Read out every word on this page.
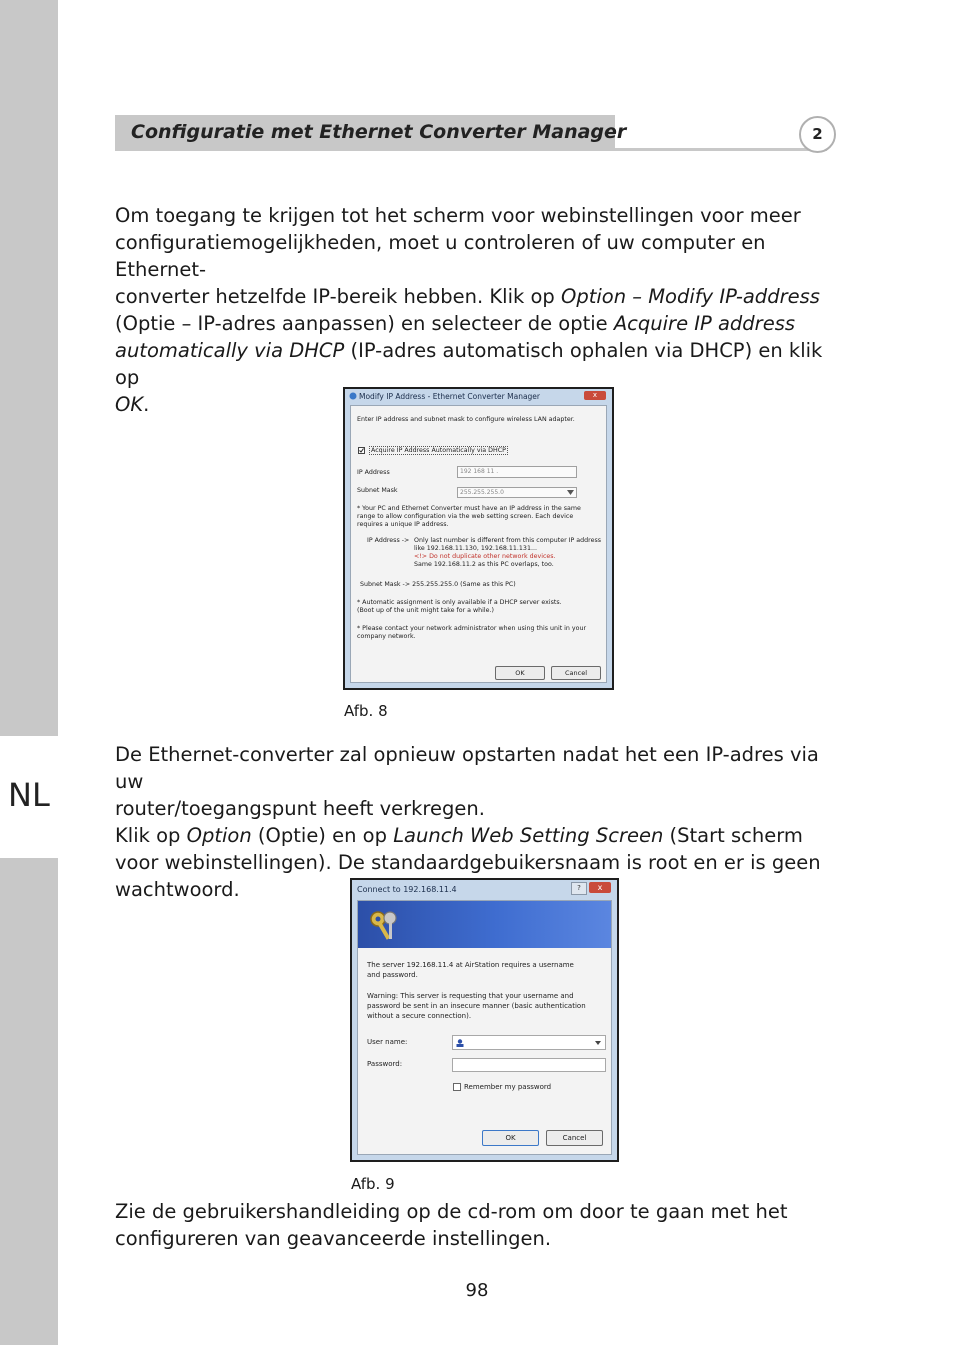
NL
Configuratie met Ethernet Converter Manager	2
Om toegang te krijgen tot het scherm voor webinstellingen voor meer
configuratiemogelijkheden, moet u controleren of uw computer en Ethernet-
converter hetzelfde IP-bereik hebben. Klik op Option – Modify IP-address
(Optie – IP-adres aanpassen) en selecteer de optie Acquire IP address
automatically via DHCP (IP-adres automatisch ophalen via DHCP) en klik op
OK.	Modify IP Address - Ethernet Converter Manager	x
Enter IP address and subnet mask to configure wireless LAN adapter.
Acquire IP Address Automatically via DHCP
IP Address	192 168 11 .
Subnet Mask	255.255.255.0
* Your PC and Ethernet Converter must have an IP address in the same
range to allow configuration via the web setting screen. Each device
requires a unique IP address.
IP Address -> Only last number is different from this computer IP address
like 192.168.11.130, 192.168.11.131...
<!> Do not duplicate other network devices.
Same 192.168.11.2 as this PC overlaps, too.
Subnet Mask -> 255.255.255.0 (Same as this PC)
* Automatic assignment is only available if a DHCP server exists.
(Boot up of the unit might take for a while.)
* Please contact your network administrator when using this unit in your
company network.
OK	Cancel
Afb. 8
De Ethernet-converter zal opnieuw opstarten nadat het een IP-adres via uw
router/toegangspunt heeft verkregen.
Klik op Option (Optie) en op Launch Web Setting Screen (Start scherm
voor webinstellingen). De standaardgebuikersnaam is root en er is geen
wachtwoord.	Connect to 192.168.11.4	?	x
The server 192.168.11.4 at AirStation requires a username
and password.
Warning: This server is requesting that your username and
password be sent in an insecure manner (basic authentication
without a secure connection).
User name:
Password:
Remember my password
OK	Cancel
Afb. 9
Zie de gebruikershandleiding op de cd-rom om door te gaan met het
configureren van geavanceerde instellingen.
98
